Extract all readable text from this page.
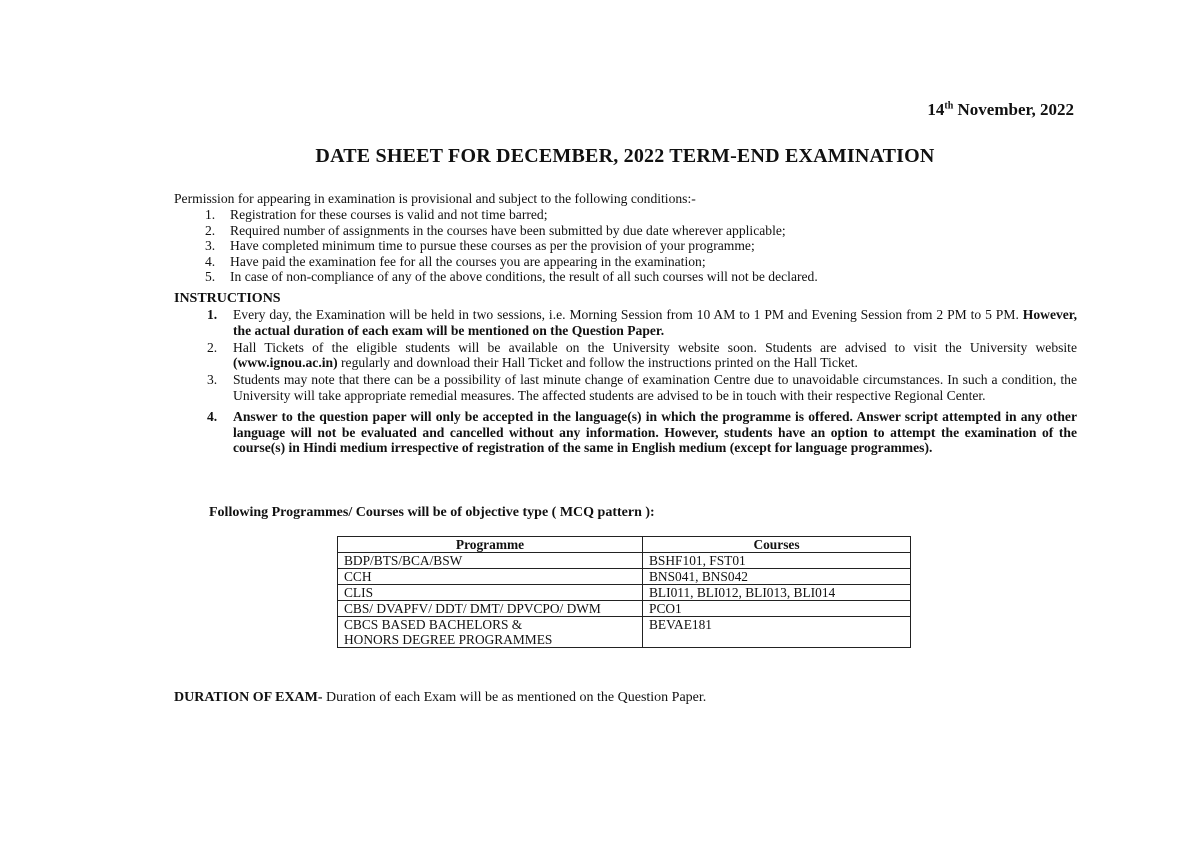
14th November, 2022
DATE SHEET FOR DECEMBER, 2022 TERM-END EXAMINATION
Permission for appearing in examination is provisional and subject to the following conditions:-
1.	Registration for these courses is valid and not time barred;
2.	Required number of assignments in the courses have been submitted by due date wherever applicable;
3.	Have completed minimum time to pursue these courses as per the provision of your programme;
4.	Have paid the examination fee for all the courses you are appearing in the examination;
5.	In case of non-compliance of any of the above conditions, the result of all such courses will not be declared.
INSTRUCTIONS
1.	Every day, the Examination will be held in two sessions, i.e. Morning Session from 10 AM to 1 PM and Evening Session from 2 PM to 5 PM. However, the actual duration of each exam will be mentioned on the Question Paper.
2.	Hall Tickets of the eligible students will be available on the University website soon. Students are advised to visit the University website (www.ignou.ac.in) regularly and download their Hall Ticket and follow the instructions printed on the Hall Ticket.
3.	Students may note that there can be a possibility of last minute change of examination Centre due to unavoidable circumstances. In such a condition, the University will take appropriate remedial measures. The affected students are advised to be in touch with their respective Regional Center.
4.	Answer to the question paper will only be accepted in the language(s) in which the programme is offered. Answer script attempted in any other language will not be evaluated and cancelled without any information. However, students have an option to attempt the examination of the course(s) in Hindi medium irrespective of registration of the same in English medium (except for language programmes).
Following Programmes/ Courses will be of objective type ( MCQ pattern ):
Programme	Courses
BDP/BTS/BCA/BSW	BSHF101, FST01
CCH	BNS041, BNS042
CLIS	BLI011, BLI012, BLI013, BLI014
CBS/ DVAPFV/ DDT/ DMT/ DPVCPO/ DWM	PCO1
CBCS BASED BACHELORS & HONORS DEGREE PROGRAMMES	BEVAE181
DURATION OF EXAM- Duration of each Exam will be as mentioned on the Question Paper.
